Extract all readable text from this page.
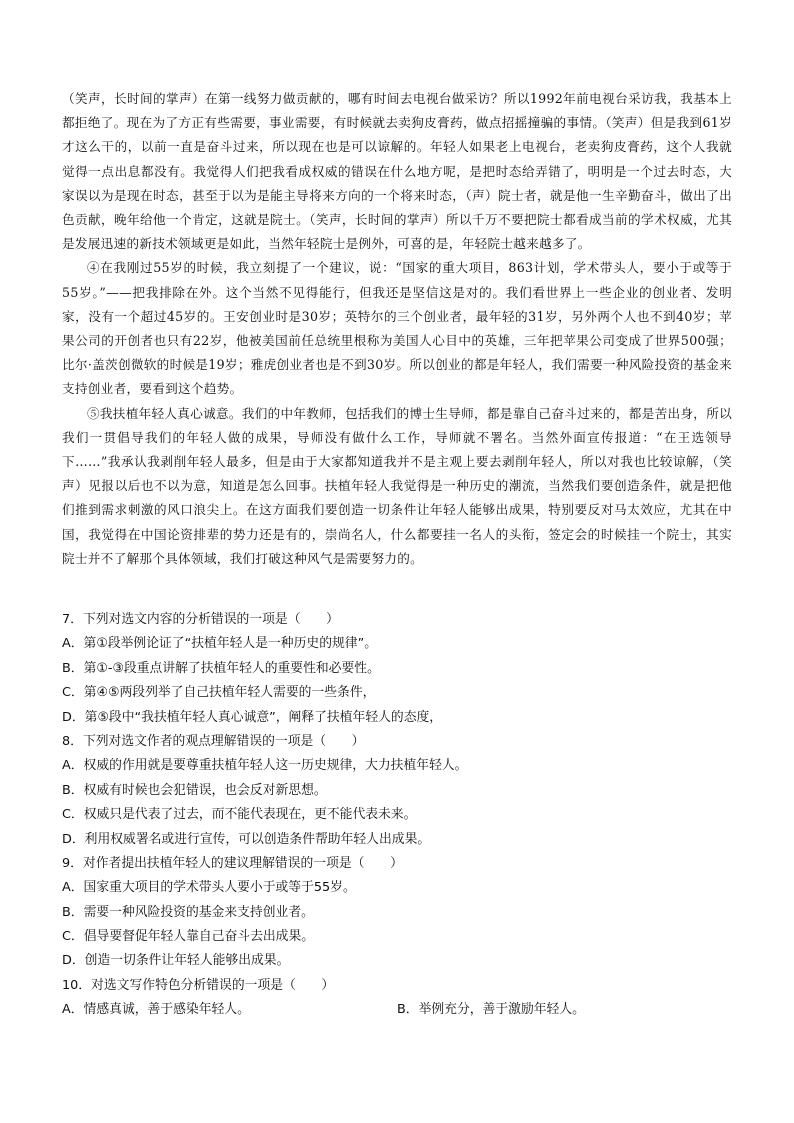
（笑声，长时间的掌声）在第一线努力做贡献的，哪有时间去电视台做采访？所以1992年前电视台采访我，我基本上都拒绝了。现在为了方正有些需要，事业需要，有时候就去卖狗皮膏药，做点招摇撞骗的事情。（笑声）但是我到61岁才这么干的，以前一直是奋斗过来，所以现在也是可以谅解的。年轻人如果老上电视台，老卖狗皮膏药，这个人我就觉得一点出息都没有。我觉得人们把我看成权威的错误在什么地方呢，是把时态给弄错了，明明是一个过去时态，大家误以为是现在时态，甚至于以为是能主导将来方向的一个将来时态，（声）院士者，就是他一生辛勤奋斗，做出了出色贡献，晚年给他一个肯定，这就是院士。（笑声，长时间的掌声）所以千万不要把院士都看成当前的学术权威，尤其是发展迅速的新技术领域更是如此，当然年轻院士是例外，可喜的是，年轻院士越来越多了。

④在我刚过55岁的时候，我立刻提了一个建议，说：“国家的重大项目，863计划，学术带头人，要小于或等于55岁。”——把我排除在外。这个当然不见得能行，但我还是坚信这是对的。我们看世界上一些企业的创业者、发明家，没有一个超过45岁的。王安创业时是30岁；英特尔的三个创业者，最年轻的31岁，另外两个人也不到40岁；苹果公司的开创者也只有22岁，他被美国前任总统里根称为美国人心目中的英雄，三年把苹果公司变成了世界500强；比尔·盖茨创微软的时候是19岁；雅虎创业者也是不到30岁。所以创业的都是年轻人，我们需要一种风险投资的基金来支持创业者，要看到这个趋势。

⑤我扶植年轻人真心诚意。我们的中年教师，包括我们的博士生导师，都是靠自己奋斗过来的，都是苦出身，所以我们一贯倡导我们的年轻人做的成果，导师没有做什么工作，导师就不署名。当然外面宣传报道：“在王选领导下……”我承认我剥削年轻人最多，但是由于大家都知道我并不是主观上要去剥削年轻人，所以对我也比较谅解，（笑声）见报以后也不以为意，知道是怎么回事。扶植年轻人我觉得是一种历史的潮流，当然我们要创造条件，就是把他们推到需求刺激的风口浪尖上。在这方面我们要创造一切条件让年轻人能够出成果，特别要反对马太效应，尤其在中国，我觉得在中国论资排辈的势力还是有的，崇尚名人，什么都要挂一名人的头衔，签定会的时候挂一个院士，其实院士并不了解那个具体领域，我们打破这种风气是需要努力的。

7．下列对选文内容的分析错误的一项是（　　）
A．第①段举例论证了“扶植年轻人是一种历史的规律”。
B．第①-③段重点讲解了扶植年轻人的重要性和必要性。
C．第④⑤两段列举了自己扶植年轻人需要的一些条件，
D．第⑤段中“我扶植年轻人真心诚意”，阐释了扶植年轻人的态度，
8．下列对选文作者的观点理解错误的一项是（　　）
A．权威的作用就是要尊重扶植年轻人这一历史规律，大力扶植年轻人。
B．权威有时候也会犯错误，也会反对新思想。
C．权威只是代表了过去，而不能代表现在，更不能代表未来。
D．利用权威署名或进行宣传，可以创造条件帮助年轻人出成果。
9．对作者提出扶植年轻人的建议理解错误的一项是（　　）
A．国家重大项目的学术带头人要小于或等于55岁。
B．需要一种风险投资的基金来支持创业者。
C．倡导要督促年轻人靠自己奋斗去出成果。
D．创造一切条件让年轻人能够出成果。
10．对选文写作特色分析错误的一项是（　　）
A．情感真诚，善于感染年轻人。	B．举例充分，善于激励年轻人。
